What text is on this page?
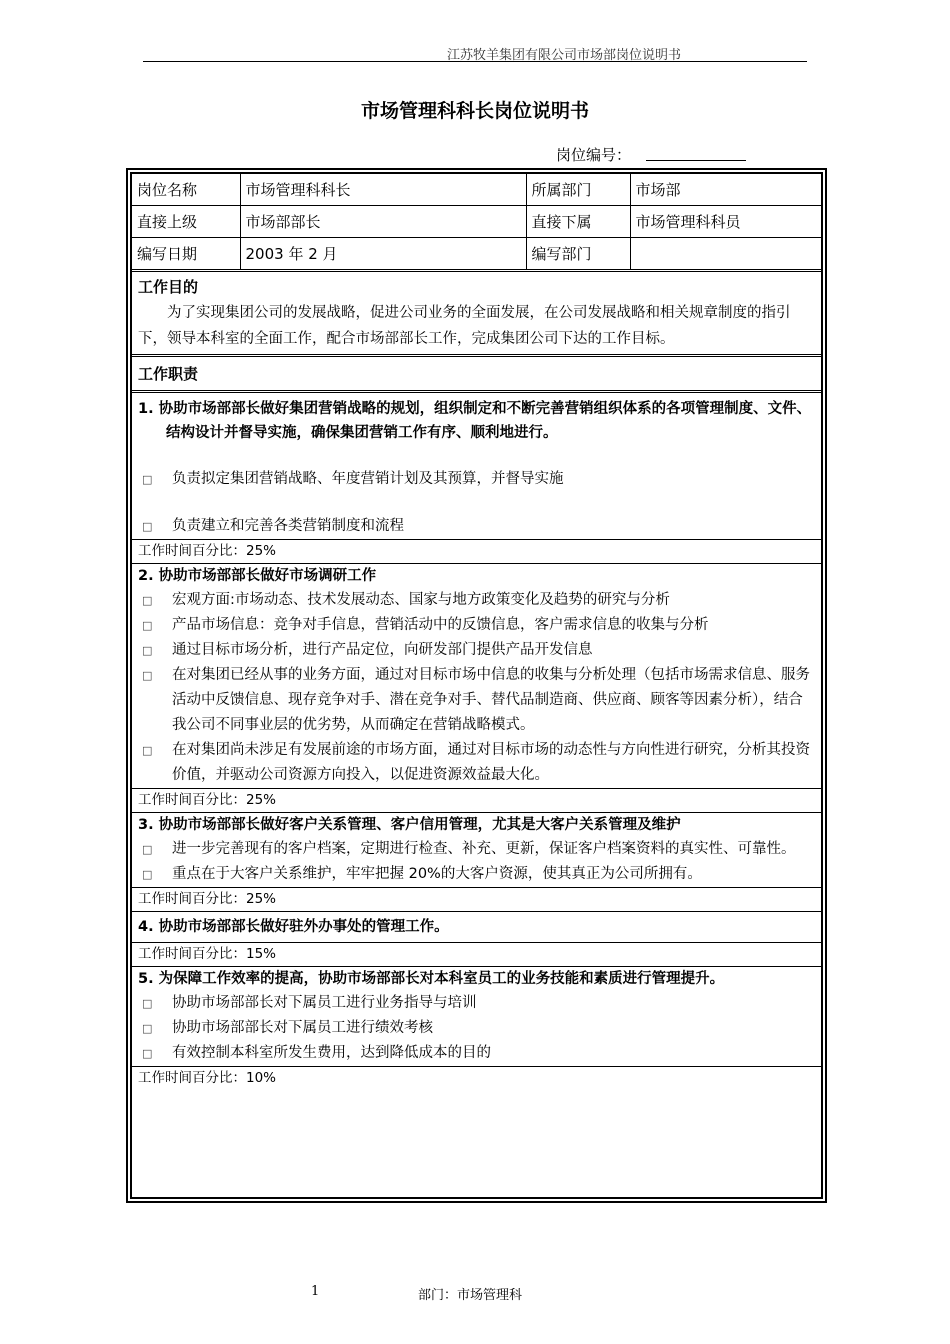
江苏牧羊集团有限公司市场部岗位说明书
市场管理科科长岗位说明书
岗位编号：
岗位名称	市场管理科科长	所属部门	市场部
直接上级	市场部部长	直接下属	市场管理科科员
编写日期	2003 年 2 月	编写部门	
工作目的
为了实现集团公司的发展战略，促进公司业务的全面发展，在公司发展战略和相关规章制度的指引下，领导本科室的全面工作，配合市场部部长工作，完成集团公司下达的工作目标。
工作职责
1. 协助市场部部长做好集团营销战略的规划，组织制定和不断完善营销组织体系的各项管理制度、文件、结构设计并督导实施，确保集团营销工作有序、顺利地进行。
□ 负责拟定集团营销战略、年度营销计划及其预算，并督导实施
□ 负责建立和完善各类营销制度和流程
工作时间百分比：25%
2. 协助市场部部长做好市场调研工作
□ 宏观方面:市场动态、技术发展动态、国家与地方政策变化及趋势的研究与分析
□ 产品市场信息：竞争对手信息，营销活动中的反馈信息，客户需求信息的收集与分析
□ 通过目标市场分析，进行产品定位，向研发部门提供产品开发信息
□ 在对集团已经从事的业务方面，通过对目标市场中信息的收集与分析处理（包括市场需求信息、服务活动中反馈信息、现存竞争对手、潜在竞争对手、替代品制造商、供应商、顾客等因素分析），结合我公司不同事业层的优劣势，从而确定在营销战略模式。
□ 在对集团尚未涉足有发展前途的市场方面，通过对目标市场的动态性与方向性进行研究，分析其投资价值，并驱动公司资源方向投入，以促进资源效益最大化。
工作时间百分比：25%
3. 协助市场部部长做好客户关系管理、客户信用管理，尤其是大客户关系管理及维护
□ 进一步完善现有的客户档案，定期进行检查、补充、更新，保证客户档案资料的真实性、可靠性。
□ 重点在于大客户关系维护，牢牢把握 20%的大客户资源，使其真正为公司所拥有。
工作时间百分比：25%
4. 协助市场部部长做好驻外办事处的管理工作。
工作时间百分比：15%
5. 为保障工作效率的提高，协助市场部部长对本科室员工的业务技能和素质进行管理提升。
□ 协助市场部部长对下属员工进行业务指导与培训
□ 协助市场部部长对下属员工进行绩效考核
□ 有效控制本科室所发生费用，达到降低成本的目的
工作时间百分比：10%
1	部门：市场管理科
